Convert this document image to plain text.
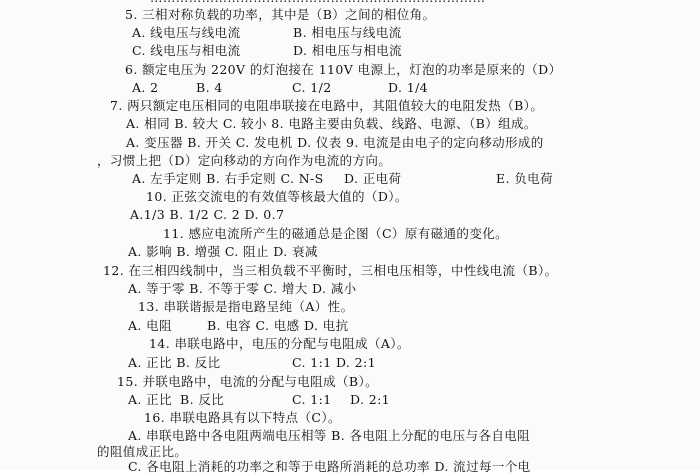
5. 三相对称负载的功率，其中是（B）之间的相位角。
A. 线电压与线电流	B. 相电压与线电流
C. 线电压与相电流	D. 相电压与相电流
6. 额定电压为 220V 的灯泡接在 110V 电源上，灯泡的功率是原来的（D）
A. 2	B. 4	C. 1/2	D. 1/4
7. 两只额定电压相同的电阻串联接在电路中，其阻值较大的电阻发热（B）。
A. 相同 B. 较大 C. 较小 8. 电路主要由负载、线路、电源、（B）组成。
A. 变压器 B. 开关 C. 发电机 D. 仪表 9. 电流是由电子的定向移动形成的
，习惯上把（D）定向移动的方向作为电流的方向。
A. 左手定则 B. 右手定则 C. N-S D. 正电荷	E. 负电荷
10. 正弦交流电的有效值等核最大值的（D）。
A.1/3 B. 1/2 C. 2 D. 0.7
11. 感应电流所产生的磁通总是企图（C）原有磁通的变化。
A. 影响 B. 增强 C. 阻止 D. 衰减
12. 在三相四线制中，当三相负载不平衡时，三相电压相等，中性线电流（B）。
A. 等于零 B. 不等于零 C. 增大 D. 减小
13. 串联谐振是指电路呈纯（A）性。
A. 电阻	B. 电容 C. 电感 D. 电抗
14. 串联电路中，电压的分配与电阻成（A）。
A. 正比 B. 反比	C. 1:1 D. 2:1
15. 并联电路中，电流的分配与电阻成（B）。
A. 正比 B. 反比	C. 1:1 D. 2:1
16. 串联电路具有以下特点（C）。
A. 串联电路中各电阻两端电压相等 B. 各电阻上分配的电压与各自电阻
的阻值成正比。
C. 各电阻上消耗的功率之和等于电路所消耗的总功率 D. 流过每一个电
